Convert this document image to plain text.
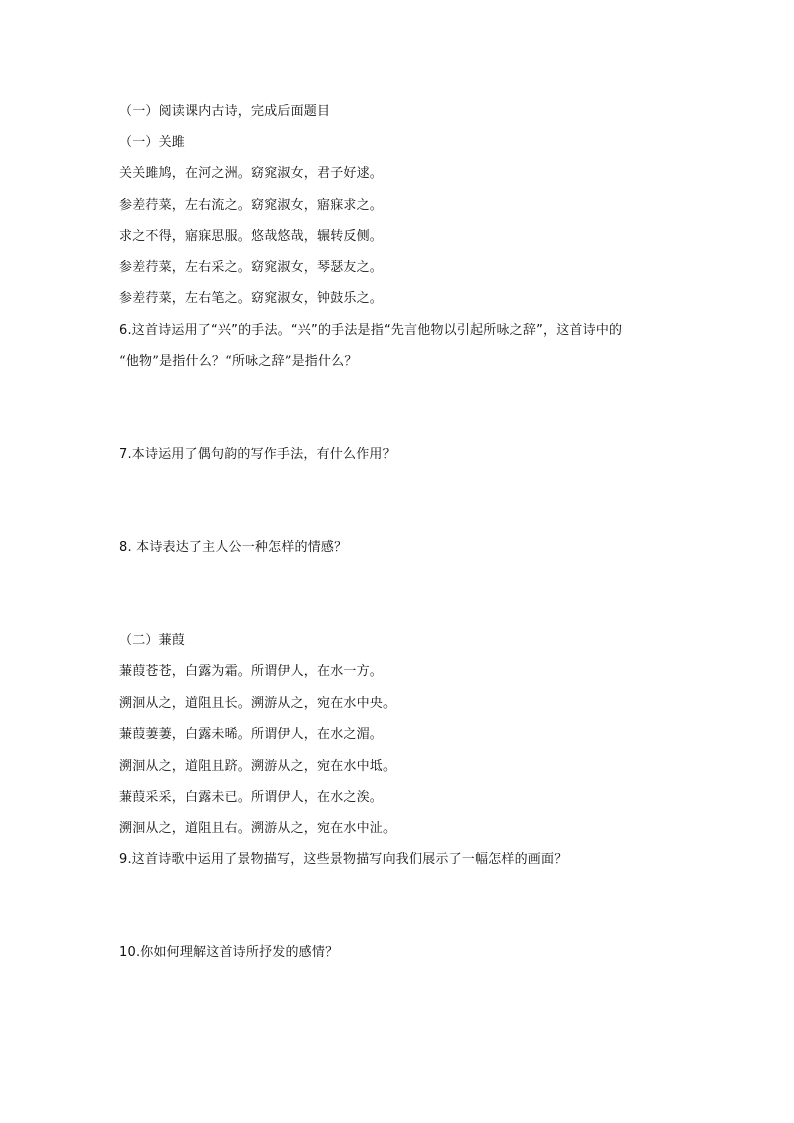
（一）阅读课内古诗，完成后面题目
（一）关雎
关关雎鸠，在河之洲。窈窕淑女，君子好逑。
参差荇菜，左右流之。窈窕淑女，寤寐求之。
求之不得，寤寐思服。悠哉悠哉，辗转反侧。
参差荇菜，左右采之。窈窕淑女，琴瑟友之。
参差荇菜，左右笔之。窈窕淑女，钟鼓乐之。
6.这首诗运用了“兴”的手法。“兴”的手法是指“先言他物以引起所咏之辞”，这首诗中的
“他物”是指什么？“所咏之辞”是指什么？
7.本诗运用了偶句韵的写作手法，有什么作用？
8. 本诗表达了主人公一种怎样的情感？
（二）蒹葭
蒹葭苍苍，白露为霜。所谓伊人，在水一方。
溯洄从之，道阻且长。溯游从之，宛在水中央。
蒹葭萋萋，白露未晞。所谓伊人，在水之湄。
溯洄从之，道阻且跻。溯游从之，宛在水中坻。
蒹葭采采，白露未已。所谓伊人，在水之涘。
溯洄从之，道阻且右。溯游从之，宛在水中沚。
9.这首诗歌中运用了景物描写，这些景物描写向我们展示了一幅怎样的画面？
10.你如何理解这首诗所抒发的感情？
